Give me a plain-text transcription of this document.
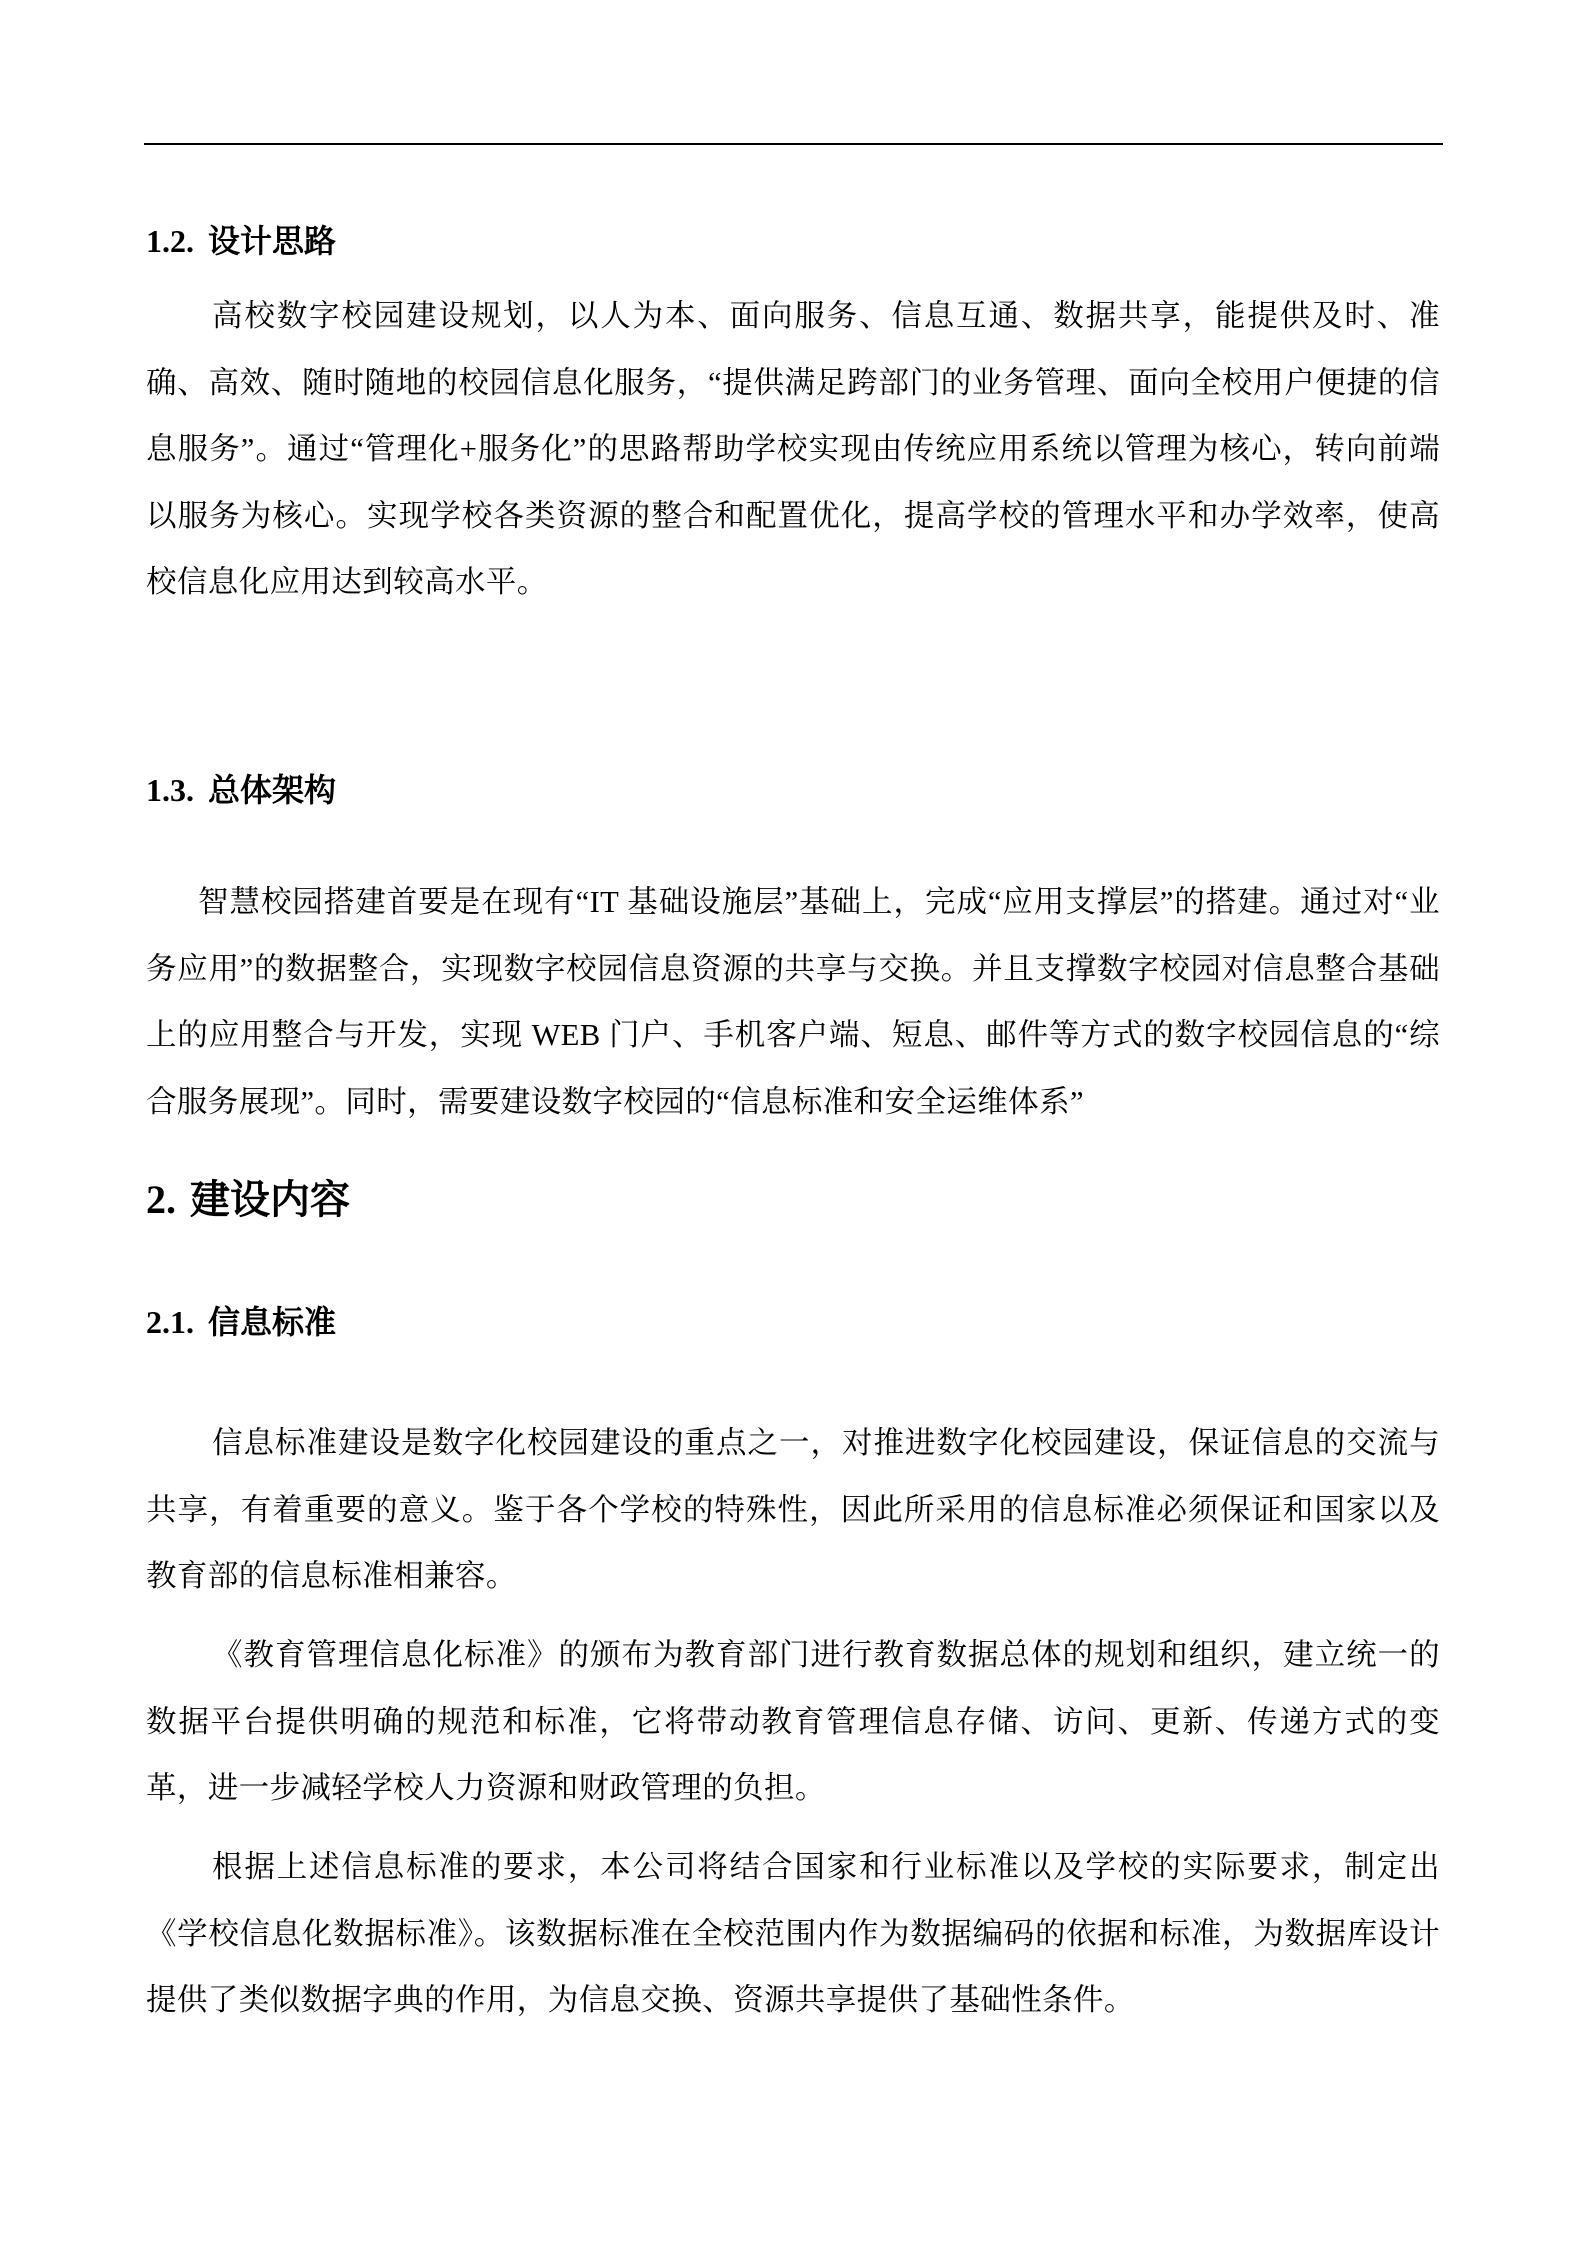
1.2. 设计思路

高校数字校园建设规划，以人为本、面向服务、信息互通、数据共享，能提供及时、准确、高效、随时随地的校园信息化服务，“提供满足跨部门的业务管理、面向全校用户便捷的信息服务”。通过“管理化+服务化”的思路帮助学校实现由传统应用系统以管理为核心，转向前端以服务为核心。实现学校各类资源的整合和配置优化，提高学校的管理水平和办学效率，使高校信息化应用达到较高水平。

1.3. 总体架构

智慧校园搭建首要是在现有“IT 基础设施层”基础上，完成“应用支撑层”的搭建。通过对“业务应用”的数据整合，实现数字校园信息资源的共享与交换。并且支撑数字校园对信息整合基础上的应用整合与开发，实现 WEB 门户、手机客户端、短息、邮件等方式的数字校园信息的“综合服务展现”。同时，需要建设数字校园的“信息标准和安全运维体系”

2. 建设内容
2.1. 信息标准

信息标准建设是数字化校园建设的重点之一，对推进数字化校园建设，保证信息的交流与共享，有着重要的意义。鉴于各个学校的特殊性，因此所采用的信息标准必须保证和国家以及教育部的信息标准相兼容。

《教育管理信息化标准》的颁布为教育部门进行教育数据总体的规划和组织，建立统一的数据平台提供明确的规范和标准，它将带动教育管理信息存储、访问、更新、传递方式的变革，进一步减轻学校人力资源和财政管理的负担。

根据上述信息标准的要求，本公司将结合国家和行业标准以及学校的实际要求，制定出《学校信息化数据标准》。该数据标准在全校范围内作为数据编码的依据和标准，为数据库设计提供了类似数据字典的作用，为信息交换、资源共享提供了基础性条件。
